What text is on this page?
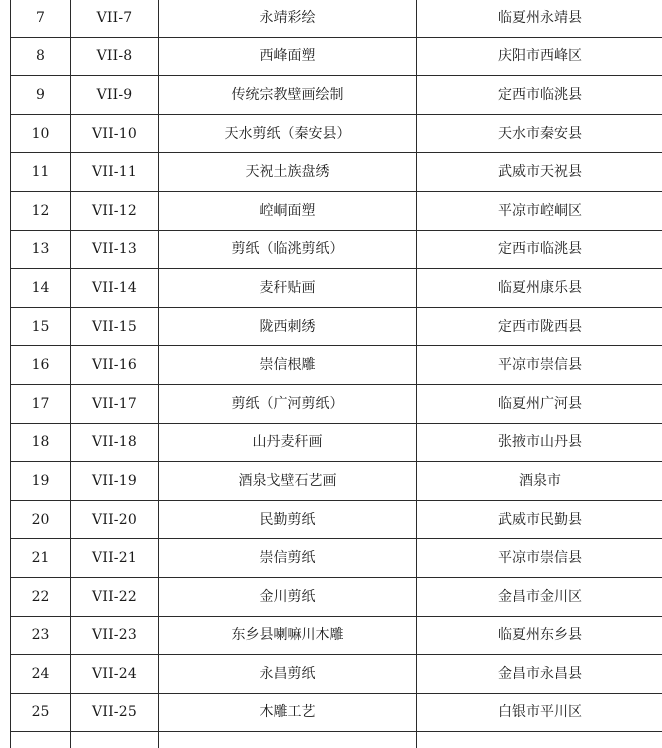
7	VII-7	永靖彩绘	临夏州永靖县
8	VII-8	西峰面塑	庆阳市西峰区
9	VII-9	传统宗教壁画绘制	定西市临洮县
10	VII-10	天水剪纸（秦安县）	天水市秦安县
11	VII-11	天祝土族盘绣	武威市天祝县
12	VII-12	崆峒面塑	平凉市崆峒区
13	VII-13	剪纸（临洮剪纸）	定西市临洮县
14	VII-14	麦秆贴画	临夏州康乐县
15	VII-15	陇西刺绣	定西市陇西县
16	VII-16	崇信根雕	平凉市崇信县
17	VII-17	剪纸（广河剪纸）	临夏州广河县
18	VII-18	山丹麦秆画	张掖市山丹县
19	VII-19	酒泉戈壁石艺画	酒泉市
20	VII-20	民勤剪纸	武威市民勤县
21	VII-21	崇信剪纸	平凉市崇信县
22	VII-22	金川剪纸	金昌市金川区
23	VII-23	东乡县喇嘛川木雕	临夏州东乡县
24	VII-24	永昌剪纸	金昌市永昌县
25	VII-25	木雕工艺	白银市平川区
